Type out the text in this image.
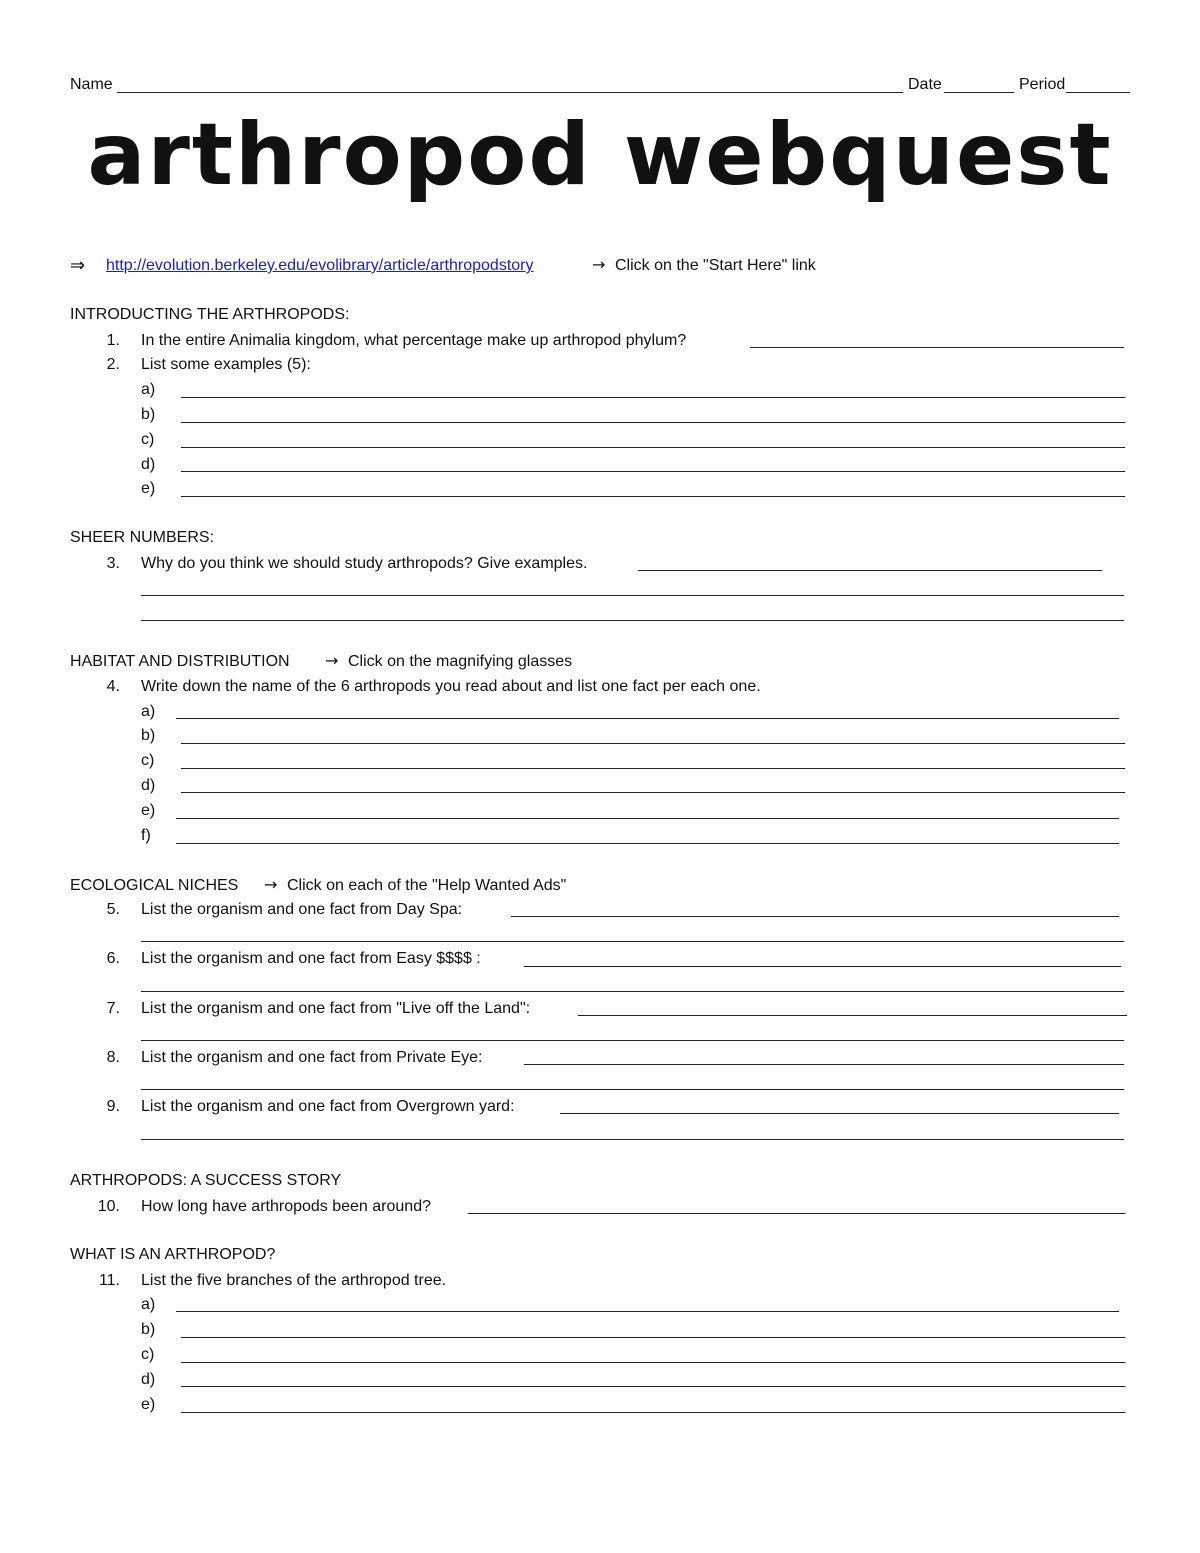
Name	Date	Period
arthropod webquest
⇒ http://evolution.berkeley.edu/evolibrary/article/arthropodstory	→ Click on the "Start Here" link
INTRODUCTING THE ARTHROPODS:
1. In the entire Animalia kingdom, what percentage make up arthropod phylum?
2. List some examples (5):
a)
b)
c)
d)
e)
SHEER NUMBERS:
3. Why do you think we should study arthropods? Give examples.
HABITAT AND DISTRIBUTION → Click on the magnifying glasses
4. Write down the name of the 6 arthropods you read about and list one fact per each one.
a)
b)
c)
d)
e)
f)
ECOLOGICAL NICHES → Click on each of the "Help Wanted Ads"
5. List the organism and one fact from Day Spa:
6. List the organism and one fact from Easy $$$$ :
7. List the organism and one fact from "Live off the Land":
8. List the organism and one fact from Private Eye:
9. List the organism and one fact from Overgrown yard:
ARTHROPODS: A SUCCESS STORY
10. How long have arthropods been around?
WHAT IS AN ARTHROPOD?
11. List the five branches of the arthropod tree.
a)
b)
c)
d)
e)
